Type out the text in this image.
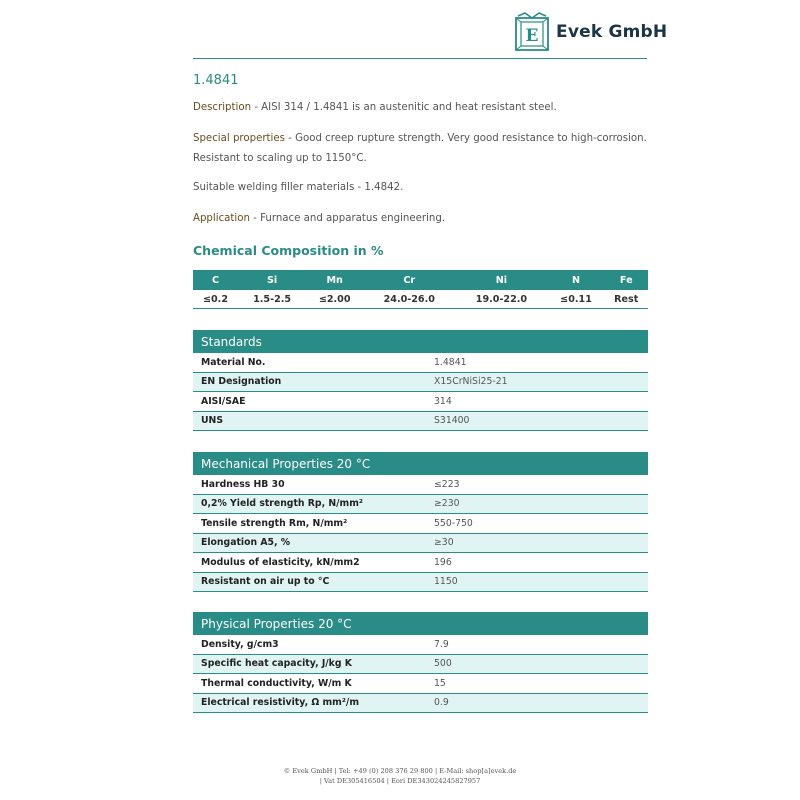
E Evek GmbH
1.4841
Description - AISI 314 / 1.4841 is an austenitic and heat resistant steel.
Special properties - Good creep rupture strength. Very good resistance to high-corrosion.
Resistant to scaling up to 1150°C.
Suitable welding filler materials - 1.4842.
Application - Furnace and apparatus engineering.
Chemical Composition in %
C	Si	Mn	Cr	Ni	N	Fe
≤0.2	1.5-2.5	≤2.00	24.0-26.0	19.0-22.0	≤0.11	Rest
Standards	
Material No.	1.4841
EN Designation	X15CrNiSi25-21
AISI/SAE	314
UNS	S31400
Mechanical Properties 20 °C	
Hardness HB 30	≤223
0,2% Yield strength Rp, N/mm²	≥230
Tensile strength Rm, N/mm²	550-750
Elongation A5, %	≥30
Modulus of elasticity, kN/mm2	196
Resistant on air up to °C	1150
Physical Properties 20 °C	
Density, g/cm3	7.9
Specific heat capacity, J/kg K	500
Thermal conductivity, W/m K	15
Electrical resistivity, Ω mm²/m	0.9
© Evek GmbH | Tel: +49 (0) 208 376 29 800 | E-Mail: shop[a]evek.de
| Vat DE305416504 | Eori DE343024245827957
